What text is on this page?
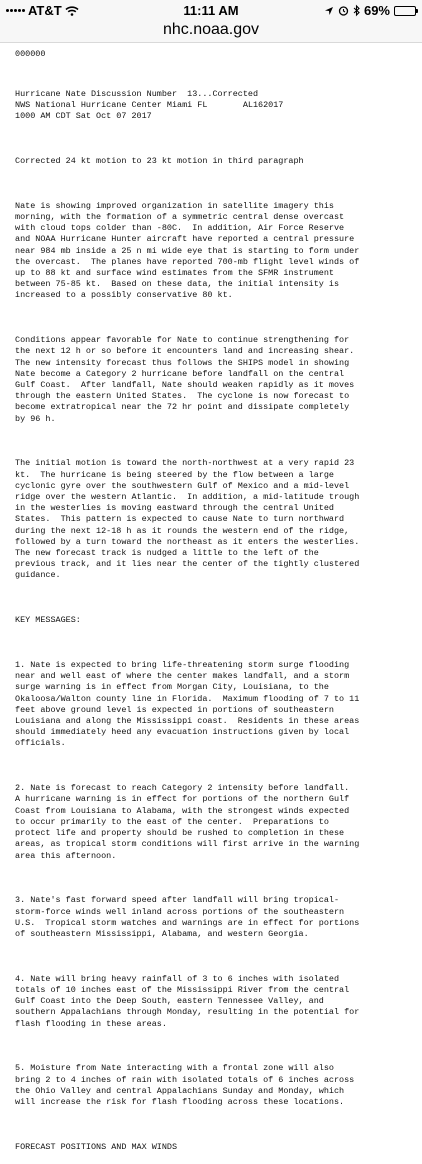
AT&T	11:11 AM	69%
nhc.noaa.gov

000000

Hurricane Nate Discussion Number  13...Corrected
NWS National Hurricane Center Miami FL       AL162017
1000 AM CDT Sat Oct 07 2017

Corrected 24 kt motion to 23 kt motion in third paragraph

Nate is showing improved organization in satellite imagery this
morning, with the formation of a symmetric central dense overcast
with cloud tops colder than -80C.  In addition, Air Force Reserve
and NOAA Hurricane Hunter aircraft have reported a central pressure
near 984 mb inside a 25 n mi wide eye that is starting to form under
the overcast.  The planes have reported 700-mb flight level winds of
up to 88 kt and surface wind estimates from the SFMR instrument
between 75-85 kt.  Based on these data, the initial intensity is
increased to a possibly conservative 80 kt.

Conditions appear favorable for Nate to continue strengthening for
the next 12 h or so before it encounters land and increasing shear.
The new intensity forecast thus follows the SHIPS model in showing
Nate become a Category 2 hurricane before landfall on the central
Gulf Coast.  After landfall, Nate should weaken rapidly as it moves
through the eastern United States.  The cyclone is now forecast to
become extratropical near the 72 hr point and dissipate completely
by 96 h.

The initial motion is toward the north-northwest at a very rapid 23
kt.  The hurricane is being steered by the flow between a large
cyclonic gyre over the southwestern Gulf of Mexico and a mid-level
ridge over the western Atlantic.  In addition, a mid-latitude trough
in the westerlies is moving eastward through the central United
States.  This pattern is expected to cause Nate to turn northward
during the next 12-18 h as it rounds the western end of the ridge,
followed by a turn toward the northeast as it enters the westerlies.
The new forecast track is nudged a little to the left of the
previous track, and it lies near the center of the tightly clustered
guidance.

KEY MESSAGES:

1. Nate is expected to bring life-threatening storm surge flooding
near and well east of where the center makes landfall, and a storm
surge warning is in effect from Morgan City, Louisiana, to the
Okaloosa/Walton county line in Florida.  Maximum flooding of 7 to 11
feet above ground level is expected in portions of southeastern
Louisiana and along the Mississippi coast.  Residents in these areas
should immediately heed any evacuation instructions given by local
officials.

2. Nate is forecast to reach Category 2 intensity before landfall.
A hurricane warning is in effect for portions of the northern Gulf
Coast from Louisiana to Alabama, with the strongest winds expected
to occur primarily to the east of the center.  Preparations to
protect life and property should be rushed to completion in these
areas, as tropical storm conditions will first arrive in the warning
area this afternoon.

3. Nate's fast forward speed after landfall will bring tropical-
storm-force winds well inland across portions of the southeastern
U.S.  Tropical storm watches and warnings are in effect for portions
of southeastern Mississippi, Alabama, and western Georgia.

4. Nate will bring heavy rainfall of 3 to 6 inches with isolated
totals of 10 inches east of the Mississippi River from the central
Gulf Coast into the Deep South, eastern Tennessee Valley, and
southern Appalachians through Monday, resulting in the potential for
flash flooding in these areas.

5. Moisture from Nate interacting with a frontal zone will also
bring 2 to 4 inches of rain with isolated totals of 6 inches across
the Ohio Valley and central Appalachians Sunday and Monday, which
will increase the risk for flash flooding across these locations.

FORECAST POSITIONS AND MAX WINDS
